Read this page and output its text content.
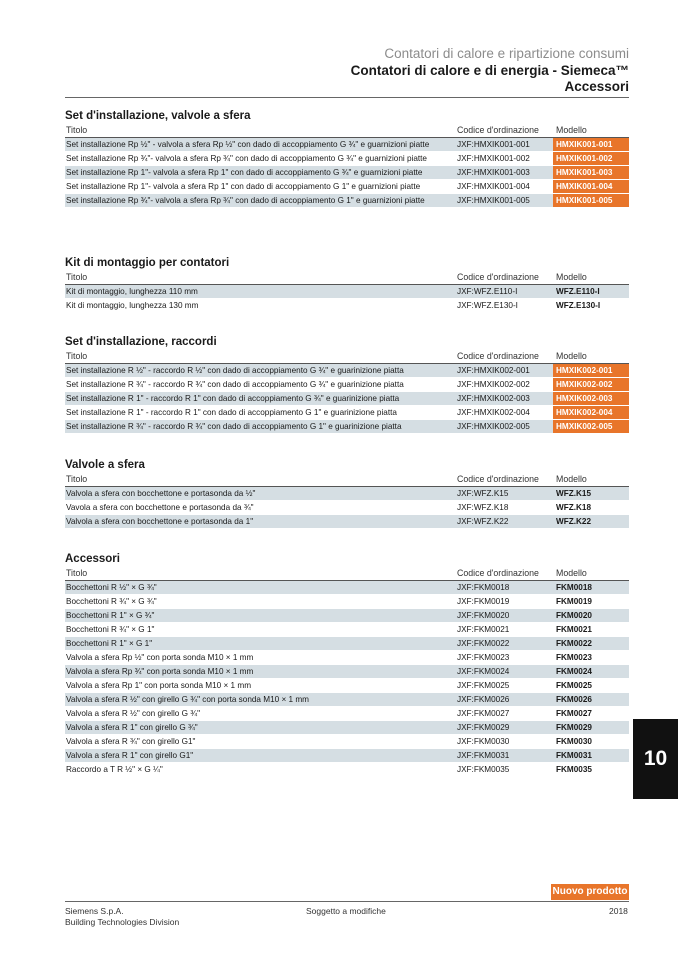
Contatori di calore e ripartizione consumi
Contatori di calore e di energia - Siemeca™
Accessori
Set d'installazione, valvole a sfera
Titolo	Codice d'ordinazione	Modello
Set installazione Rp ½" - valvola a sfera Rp ½" con dado di accoppiamento G ¾" e guarnizioni piatte	JXF:HMXIK001-001	HMXIK001-001
Set installazione Rp ¾"- valvola a sfera Rp ¾" con dado di accoppiamento G ¾" e guarnizioni piatte	JXF:HMXIK001-002	HMXIK001-002
Set installazione Rp 1"- valvola a sfera Rp 1" con dado di accoppiamento G ¾" e guarnizioni piatte	JXF:HMXIK001-003	HMXIK001-003
Set installazione Rp 1"- valvola a sfera Rp 1" con dado di accoppiamento G 1" e guarnizioni piatte	JXF:HMXIK001-004	HMXIK001-004
Set installazione Rp ¾"- valvola a sfera Rp ¾" con dado di accoppiamento G 1" e guarnizioni piatte	JXF:HMXIK001-005	HMXIK001-005
Kit di montaggio per contatori
Titolo	Codice d'ordinazione	Modello
Kit di montaggio, lunghezza 110 mm	JXF:WFZ.E110-I	WFZ.E110-I
Kit di montaggio, lunghezza 130 mm	JXF:WFZ.E130-I	WFZ.E130-I
Set d'installazione, raccordi
Titolo	Codice d'ordinazione	Modello
Set installazione R ½" - raccordo R ½" con dado di accoppiamento G ¾" e guarinizione piatta	JXF:HMXIK002-001	HMXIK002-001
Set installazione R ¾" - raccordo R ¾" con dado di accoppiamento G ¾" e guarinizione piatta	JXF:HMXIK002-002	HMXIK002-002
Set installazione R 1" - raccordo R 1" con dado di accoppiamento G ¾" e guarinizione piatta	JXF:HMXIK002-003	HMXIK002-003
Set installazione R 1" - raccordo R 1" con dado di accoppiamento G 1" e guarinizione piatta	JXF:HMXIK002-004	HMXIK002-004
Set installazione R ¾" - raccordo R ¾" con dado di accoppiamento G 1" e guarinizione piatta	JXF:HMXIK002-005	HMXIK002-005
Valvole a sfera
Titolo	Codice d'ordinazione	Modello
Valvola a sfera con bocchettone e portasonda da ½"	JXF:WFZ.K15	WFZ.K15
Vavola a sfera con bocchettone e portasonda da ¾"	JXF:WFZ.K18	WFZ.K18
Valvola a sfera con bocchettone e portasonda da 1"	JXF:WFZ.K22	WFZ.K22
Accessori
Titolo	Codice d'ordinazione	Modello
Bocchettoni R ½" × G ¾"	JXF:FKM0018	FKM0018
Bocchettoni R ¾" × G ¾"	JXF:FKM0019	FKM0019
Bocchettoni R 1" × G ¾"	JXF:FKM0020	FKM0020
Bocchettoni R ¾" × G 1"	JXF:FKM0021	FKM0021
Bocchettoni R 1" × G 1"	JXF:FKM0022	FKM0022
Valvola a sfera Rp ½" con porta sonda M10 × 1 mm	JXF:FKM0023	FKM0023
Valvola a sfera Rp ¾" con porta sonda M10 × 1 mm	JXF:FKM0024	FKM0024
Valvola a sfera Rp 1" con porta sonda M10 × 1 mm	JXF:FKM0025	FKM0025
Valvola a sfera R ½" con girello G ¾" con porta sonda M10 × 1 mm	JXF:FKM0026	FKM0026
Valvola a sfera R ½" con girello G ¾"	JXF:FKM0027	FKM0027
Valvola a sfera R 1" con girello G ¾"	JXF:FKM0029	FKM0029
Valvola a sfera R ¾" con girello G1"	JXF:FKM0030	FKM0030
Valvola a sfera R 1" con girello G1"	JXF:FKM0031	FKM0031
Raccordo a T R ½" × G ¼"	JXF:FKM0035	FKM0035	10
Nuovo prodotto
Siemens S.p.A.
Building Technologies Division
Soggetto a modifiche	2018
